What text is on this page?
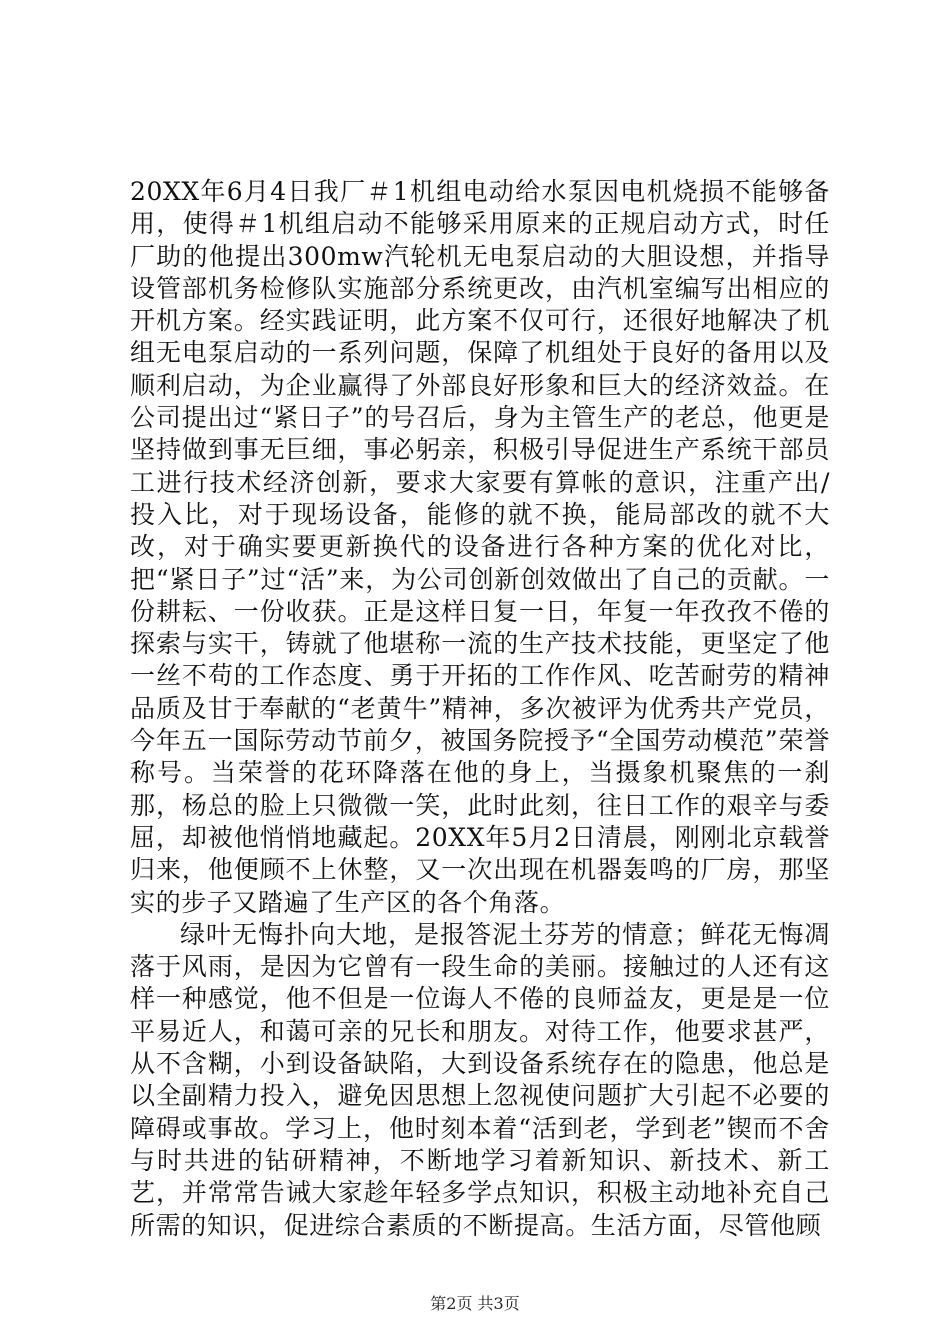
20XX年6月4日我厂＃1机组电动给水泵因电机烧损不能够备用，使得＃1机组启动不能够采用原来的正规启动方式，时任厂助的他提出300mw汽轮机无电泵启动的大胆设想，并指导设管部机务检修队实施部分系统更改，由汽机室编写出相应的开机方案。经实践证明，此方案不仅可行，还很好地解决了机组无电泵启动的一系列问题，保障了机组处于良好的备用以及顺利启动，为企业赢得了外部良好形象和巨大的经济效益。在公司提出过“紧日子”的号召后，身为主管生产的老总，他更是坚持做到事无巨细，事必躬亲，积极引导促进生产系统干部员工进行技术经济创新，要求大家要有算帐的意识，注重产出/投入比，对于现场设备，能修的就不换，能局部改的就不大改，对于确实要更新换代的设备进行各种方案的优化对比，把“紧日子”过“活”来，为公司创新创效做出了自己的贡献。一份耕耘、一份收获。正是这样日复一日，年复一年孜孜不倦的探索与实干，铸就了他堪称一流的生产技术技能，更坚定了他一丝不苟的工作态度、勇于开拓的工作作风、吃苦耐劳的精神品质及甘于奉献的“老黄牛”精神，多次被评为优秀共产党员，今年五一国际劳动节前夕，被国务院授予“全国劳动模范”荣誉称号。当荣誉的花环降落在他的身上，当摄象机聚焦的一刹那，杨总的脸上只微微一笑，此时此刻，往日工作的艰辛与委屈，却被他悄悄地藏起。20XX年5月2日清晨，刚刚北京载誉归来，他便顾不上休整，又一次出现在机器轰鸣的厂房，那坚实的步子又踏遍了生产区的各个角落。

绿叶无悔扑向大地，是报答泥土芬芳的情意；鲜花无悔凋落于风雨，是因为它曾有一段生命的美丽。接触过的人还有这样一种感觉，他不但是一位诲人不倦的良师益友，更是是一位平易近人，和蔼可亲的兄长和朋友。对待工作，他要求甚严，从不含糊，小到设备缺陷，大到设备系统存在的隐患，他总是以全副精力投入，避免因思想上忽视使问题扩大引起不必要的障碍或事故。学习上，他时刻本着“活到老，学到老”锲而不舍与时共进的钻研精神，不断地学习着新知识、新技术、新工艺，并常常告诫大家趁年轻多学点知识，积极主动地补充自己所需的知识，促进综合素质的不断提高。生活方面，尽管他顾

第2页 共3页
